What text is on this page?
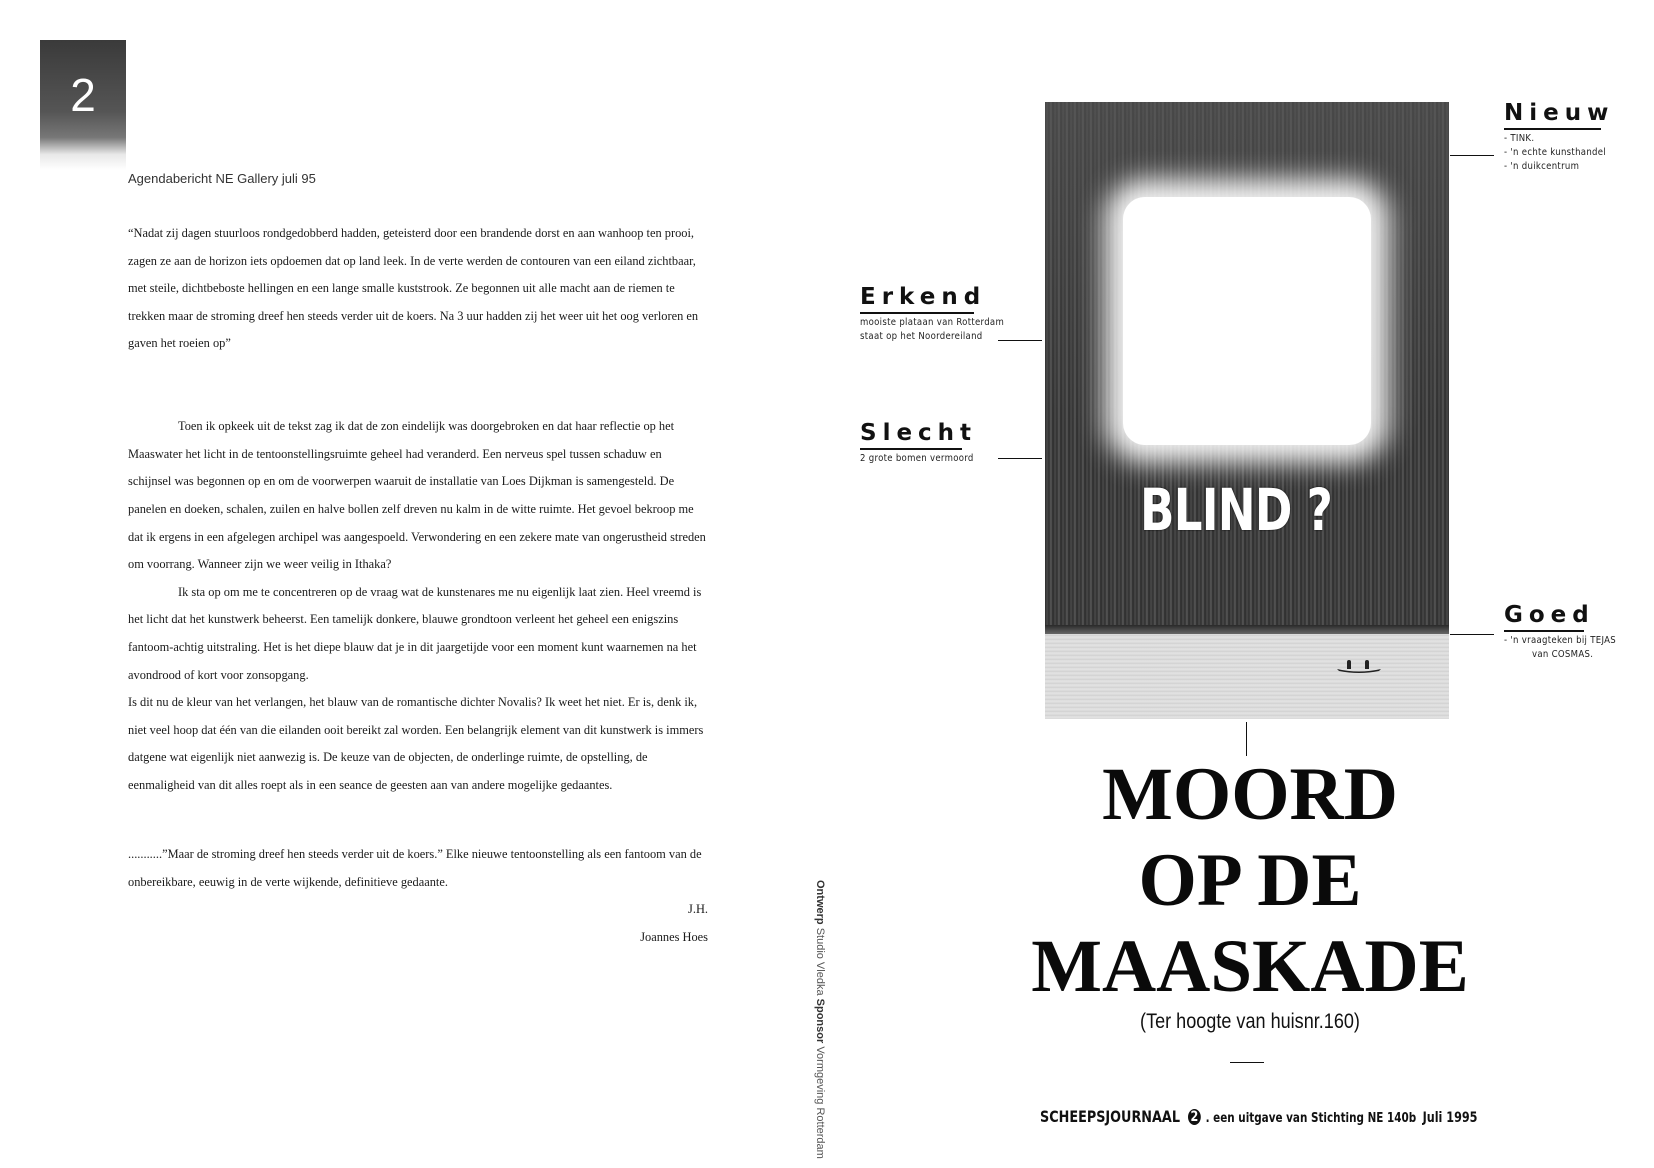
2

Agendabericht NE Gallery juli 95

“Nadat zij dagen stuurloos rondgedobberd hadden, geteisterd door een brandende dorst en aan wanhoop ten prooi, zagen ze aan de horizon iets opdoemen dat op land leek. In de verte werden de contouren van een eiland zichtbaar, met steile, dichtbeboste hellingen en een lange smalle kuststrook. Ze begonnen uit alle macht aan de riemen te trekken maar de stroming dreef hen steeds verder uit de koers. Na 3 uur hadden zij het weer uit het oog verloren en gaven het roeien op”

Toen ik opkeek uit de tekst zag ik dat de zon eindelijk was doorgebroken en dat haar reflectie op het Maaswater het licht in de tentoonstellingsruimte geheel had veranderd. Een nerveus spel tussen schaduw en schijnsel was begonnen op en om de voorwerpen waaruit de installatie van Loes Dijkman is samengesteld. De panelen en doeken, schalen, zuilen en halve bollen zelf dreven nu kalm in de witte ruimte. Het gevoel bekroop me dat ik ergens in een afgelegen archipel was aangespoeld. Verwondering en een zekere mate van ongerustheid streden om voorrang. Wanneer zijn we weer veilig in Ithaka?

Ik sta op om me te concentreren op de vraag wat de kunstenares me nu eigenlijk laat zien. Heel vreemd is het licht dat het kunstwerk beheerst. Een tamelijk donkere, blauwe grondtoon verleent het geheel een enigszins fantoom-achtig uitstraling. Het is het diepe blauw dat je in dit jaargetijde voor een moment kunt waarnemen na het avondrood of kort voor zonsopgang.

Is dit nu de kleur van het verlangen, het blauw van de romantische dichter Novalis? Ik weet het niet. Er is, denk ik, niet veel hoop dat één van die eilanden ooit bereikt zal worden. Een belangrijk element van dit kunstwerk is immers datgene wat eigenlijk niet aanwezig is. De keuze van de objecten, de onderlinge ruimte, de opstelling, de eenmaligheid van dit alles roept als in een seance de geesten aan van andere mogelijke gedaantes.

...........”Maar de stroming dreef hen steeds verder uit de koers.” Elke nieuwe tentoonstelling als een fantoom van de onbereikbare, eeuwig in de verte wijkende, definitieve gedaante.

J.H.

Joannes Hoes

Ontwerp Studio Vledka Sponsor Vormgeving Rotterdam

BLIND ?

Nieuw
- TINK.
- 'n echte kunsthandel
- 'n duikcentrum
Erkend
mooiste plataan van Rotterdam
staat op het Noordereiland
Slecht
2 grote bomen vermoord
Goed
- 'n vraagteken bij TEJAS
van COSMAS.
MOORD
OP DE
MAASKADE

(Ter hoogte van huisnr.160)

SCHEEPSJOURNAAL 2 . een uitgave van Stichting NE 140b Juli 1995
